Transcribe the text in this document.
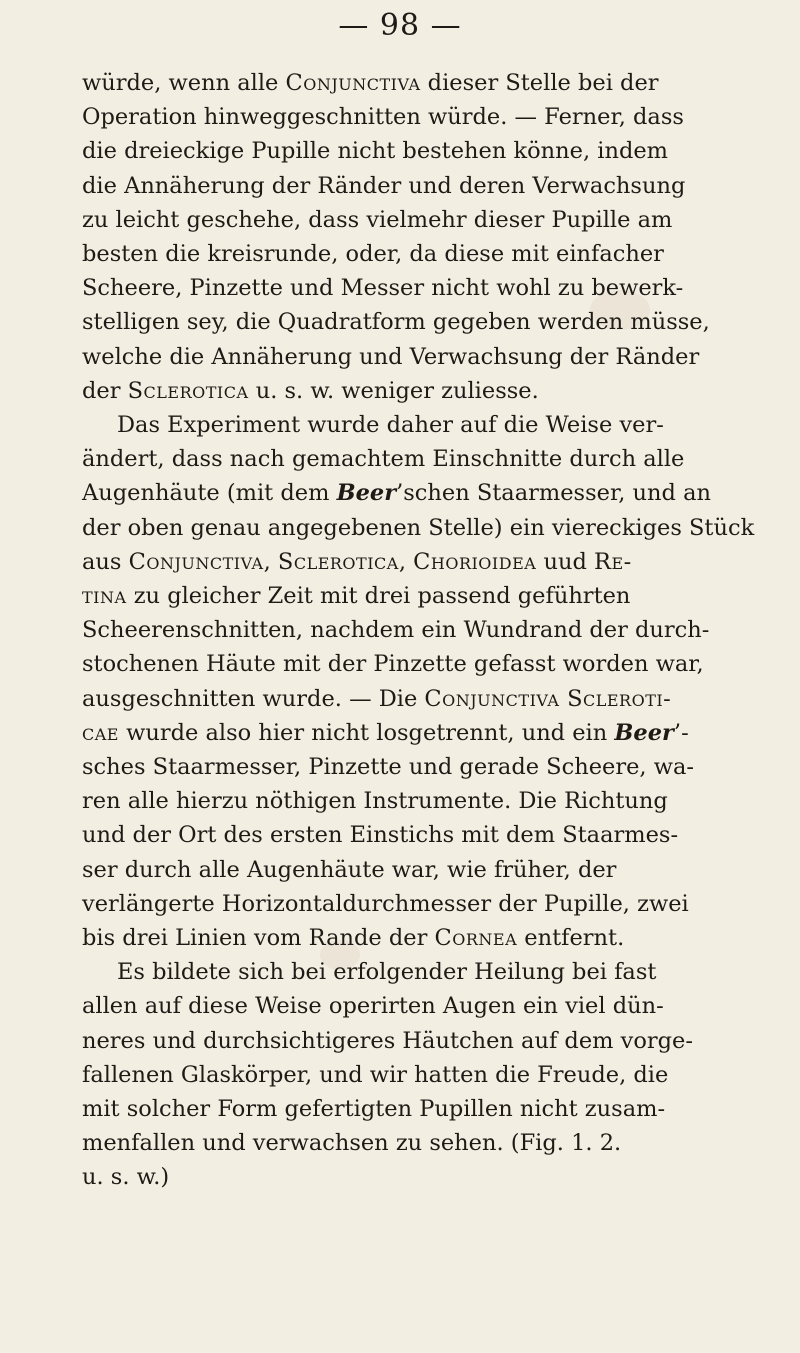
— 98 —
würde, wenn alle Conjunctiva dieser Stelle bei der
Operation hinweggeschnitten würde. — Ferner, dass
die dreieckige Pupille nicht bestehen könne, indem
die Annäherung der Ränder und deren Verwachsung
zu leicht geschehe, dass vielmehr dieser Pupille am
besten die kreisrunde, oder, da diese mit einfacher
Scheere, Pinzette und Messer nicht wohl zu bewerk-
stelligen sey, die Quadratform gegeben werden müsse,
welche die Annäherung und Verwachsung der Ränder
der Sclerotica u. s. w. weniger zuliesse.
Das Experiment wurde daher auf die Weise ver-
ändert, dass nach gemachtem Einschnitte durch alle
Augenhäute (mit dem Beer’schen Staarmesser, und an
der oben genau angegebenen Stelle) ein viereckiges Stück
aus Conjunctiva, Sclerotica, Chorioidea uud Re-
tina zu gleicher Zeit mit drei passend geführten
Scheerenschnitten, nachdem ein Wundrand der durch-
stochenen Häute mit der Pinzette gefasst worden war,
ausgeschnitten wurde. — Die Conjunctiva Scleroti-
cae wurde also hier nicht losgetrennt, und ein Beer’-
sches Staarmesser, Pinzette und gerade Scheere, wa-
ren alle hierzu nöthigen Instrumente. Die Richtung
und der Ort des ersten Einstichs mit dem Staarmes-
ser durch alle Augenhäute war, wie früher, der
verlängerte Horizontaldurchmesser der Pupille, zwei
bis drei Linien vom Rande der Cornea entfernt.
Es bildete sich bei erfolgender Heilung bei fast
allen auf diese Weise operirten Augen ein viel dün-
neres und durchsichtigeres Häutchen auf dem vorge-
fallenen Glaskörper, und wir hatten die Freude, die
mit solcher Form gefertigten Pupillen nicht zusam-
menfallen und verwachsen zu sehen. (Fig. 1. 2.
u. s. w.)
